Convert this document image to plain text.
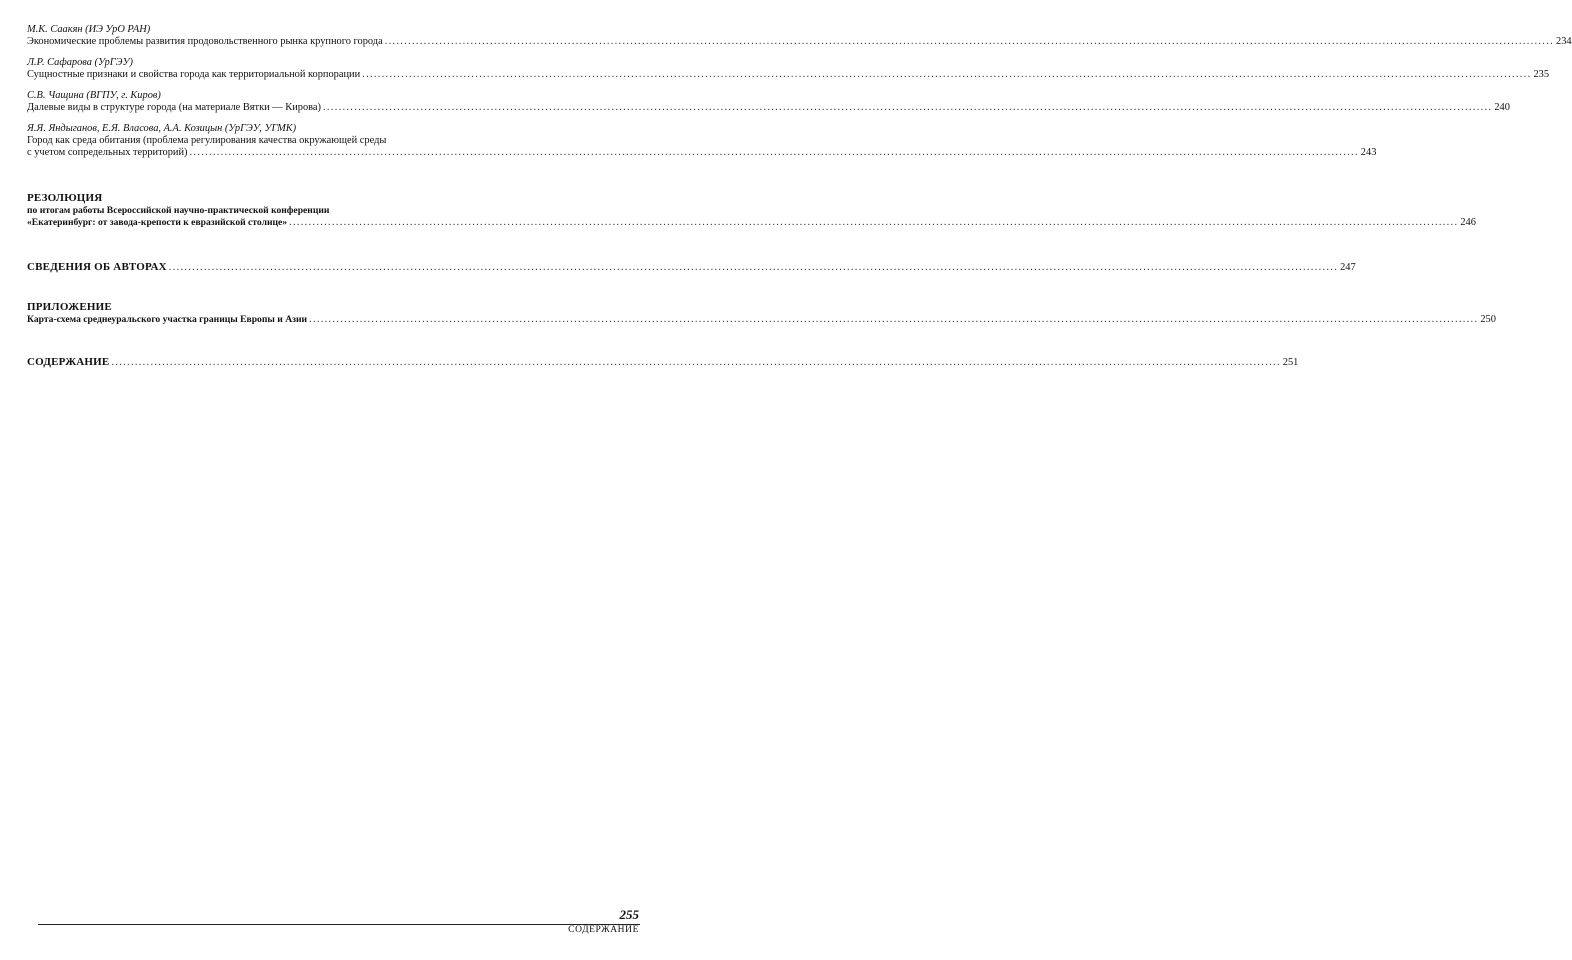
М.К. Саакян (ИЭ УрО РАН)
Экономические проблемы развития продовольственного рынка крупного города ............................................................................................................................................................................................................................................................................................................ 234
Л.Р. Сафарова (УрГЭУ)
Сущностные признаки и свойства города как территориальной корпорации ............................................................................................................................................................................................................................................................................................................ 235
С.В. Чащина (ВГПУ, г. Киров)
Далевые виды в структуре города (на материале Вятки — Кирова) ............................................................................................................................................................................................................................................................................................................ 240
Я.Я. Яндыганов, Е.Я. Власова, А.А. Козицын (УрГЭУ, УГМК)
Город как среда обитания (проблема регулирования качества окружающей среды
с учетом сопредельных территорий) ............................................................................................................................................................................................................................................................................................................ 243
РЕЗОЛЮЦИЯ
по итогам работы Всероссийской научно-практической конференции
«Екатеринбург: от завода-крепости к евразийской столице» ............................................................................................................................................................................................................................................................................................................ 246
СВЕДЕНИЯ ОБ АВТОРАХ ............................................................................................................................................................................................................................................................................................................ 247
ПРИЛОЖЕНИЕ
Карта-схема среднеуральского участка границы Европы и Азии ............................................................................................................................................................................................................................................................................................................ 250
СОДЕРЖАНИЕ ............................................................................................................................................................................................................................................................................................................ 251
255
СОДЕРЖАНИЕ
